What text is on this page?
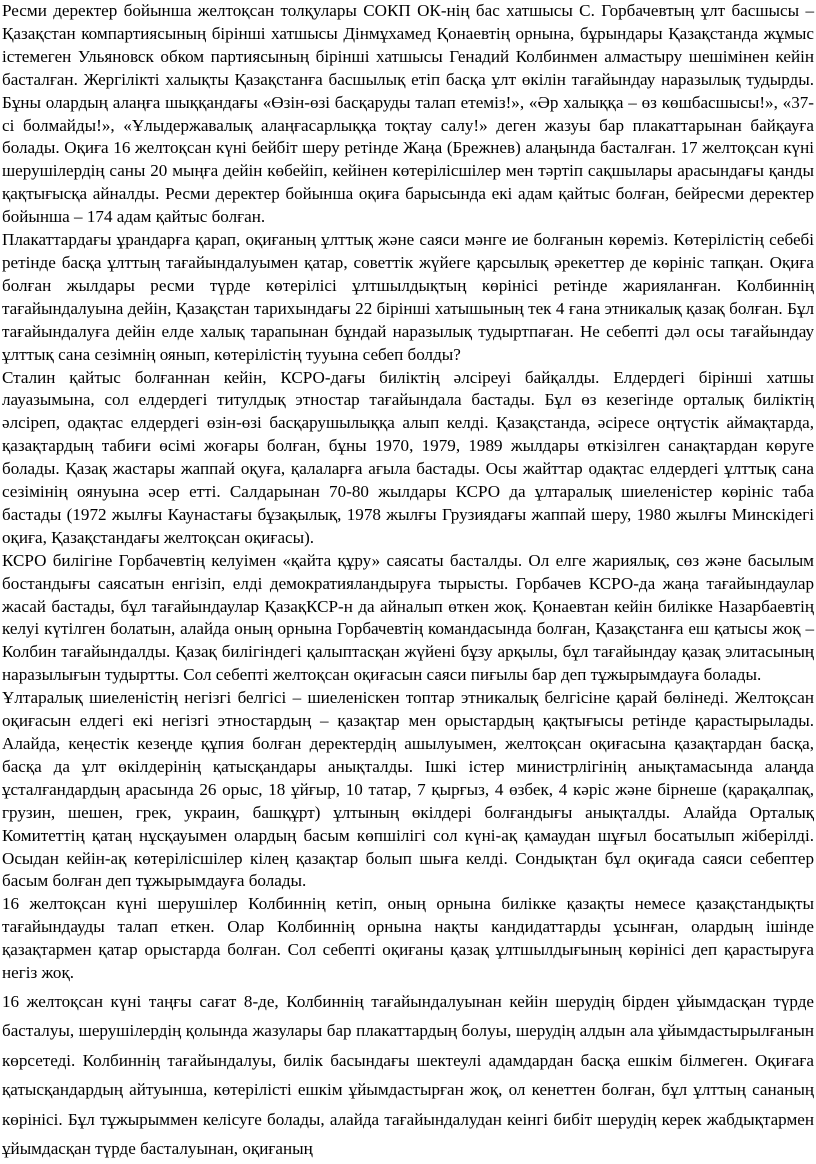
Ресми деректер бойынша желтоқсан толқулары СОКП ОК-нің бас хатшысы С. Горбачевтың ұлт басшысы – Қазақстан компартиясының бірінші хатшысы Дінмұхамед Қонаевтің орнына, бұрындары Қазақстанда жұмыс істемеген Ульяновск обком партиясының бірінші хатшысы Генадий Колбинмен алмастыру шешімінен кейін басталған. Жергілікті халықты Қазақстанға басшылық етіп басқа ұлт өкілін тағайындау наразылық тудырды. Бұны олардың алаңға шыққандағы «Өзін-өзі басқаруды талап етеміз!», «Әр халыққа – өз көшбасшысы!», «37-сі болмайды!», «Ұлыдержавалық алаңғасарлыққа тоқтау салу!» деген жазуы бар плакаттарынан байқауға болады. Оқиға 16 желтоқсан күні бейбіт шеру ретінде Жаңа (Брежнев) алаңында басталған. 17 желтоқсан күні шерушілердің саны 20 мыңға дейін көбейіп, кейінен көтерілісшілер мен тәртіп сақшылары арасындағы қанды қақтығысқа айналды. Ресми деректер бойынша оқиға барысында екі адам қайтыс болған, бейресми деректер бойынша – 174 адам қайтыс болған.

Плакаттардағы ұрандарға қарап, оқиғаның ұлттық және саяси мәнге ие болғанын көреміз. Көтерілістің себебі ретінде басқа ұлттың тағайындалуымен қатар, советтік жүйеге қарсылық әрекеттер де көрініс тапқан. Оқиға болған жылдары ресми түрде көтерілісі ұлтшылдықтың көрінісі ретінде жарияланған. Колбиннің тағайындалуына дейін, Қазақстан тарихындағы 22 бірінші хатышының тек 4 ғана этникалық қазақ болған. Бұл тағайындалуға дейін елде халық тарапынан бұндай наразылық тудыртпаған. Не себепті дәл осы тағайындау ұлттық сана сезімнің оянып, көтерілістің тууына себеп болды?

Сталин қайтыс болғаннан кейін, КСРО-дағы биліктің әлсіреуі байқалды. Елдердегі бірінші хатшы лауазымына, сол елдердегі титулдық этностар тағайындала бастады. Бұл өз кезегінде орталық биліктің әлсіреп, одақтас елдердегі өзін-өзі басқарушылыққа алып келді. Қазақстанда, әсіресе оңтүстік аймақтарда, қазақтардың табиғи өсімі жоғары болған, бұны 1970, 1979, 1989 жылдары өткізілген санақтардан көруге болады. Қазақ жастары жаппай оқуға, қалаларға ағыла бастады. Осы жайттар одақтас елдердегі ұлттық сана сезімінің оянуына әсер етті. Салдарынан 70-80 жылдары КСРО да ұлтаралық шиеленістер көрініс таба бастады (1972 жылғы Каунастағы бұзақылық, 1978 жылғы Грузиядағы жаппай шеру, 1980 жылғы Минскідегі оқиға, Қазақстандағы желтоқсан оқиғасы).

КСРО билігіне Горбачевтің келуімен «қайта құру» саясаты басталды. Ол елге жариялық, сөз және басылым бостандығы саясатын енгізіп, елді демократияландыруға тырысты. Горбачев КСРО-да жаңа тағайындаулар жасай бастады, бұл тағайындаулар ҚазақКСР-н да айналып өткен жоқ. Қонаевтан кейін билікке Назарбаевтің келуі күтілген болатын, алайда оның орнына Горбачевтің командасында болған, Қазақстанға еш қатысы жоқ – Колбин тағайындалды. Қазақ билігіндегі қалыптасқан жүйені бұзу арқылы, бұл тағайындау қазақ элитасының наразылығын тудыртты. Сол себепті желтоқсан оқиғасын саяси пиғылы бар деп тұжырымдауға болады.

Ұлтаралық шиеленістің негізгі белгісі – шиеленіскен топтар этникалық белгісіне қарай бөлінеді. Желтоқсан оқиғасын елдегі екі негізгі этностардың – қазақтар мен орыстардың қақтығысы ретінде қарастырылады. Алайда, кеңестік кезеңде құпия болған деректердің ашылуымен, желтоқсан оқиғасына қазақтардан басқа, басқа да ұлт өкілдерінің қатысқандары анықталды. Ішкі істер министрлігінің анықтамасында алаңда ұсталғандардың арасында 26 орыс, 18 ұйғыр, 10 татар, 7 қырғыз, 4 өзбек, 4 кәріс және бірнеше (қарақалпақ, грузин, шешен, грек, украин, башқұрт) ұлтының өкілдері болғандығы анықталды. Алайда Орталық Комитеттің қатаң нұсқауымен олардың басым көпшілігі сол күні-ақ қамаудан шұғыл босатылып жіберілді. Осыдан кейін-ақ көтерілісшілер кілең қазақтар болып шыға келді. Сондықтан бұл оқиғада саяси себептер басым болған деп тұжырымдауға болады.

16 желтоқсан күні шерушілер Колбиннің кетіп, оның орнына билікке қазақты немесе қазақстандықты тағайындауды талап еткен. Олар Колбиннің орнына нақты кандидаттарды ұсынған, олардың ішінде қазақтармен қатар орыстарда болған. Сол себепті оқиғаны қазақ ұлтшылдығының көрінісі деп қарастыруға негіз жоқ.

16 желтоқсан күні таңғы сағат 8-де, Колбиннің тағайындалуынан кейін шерудің бірден ұйымдасқан түрде басталуы, шерушілердің қолында жазулары бар плакаттардың болуы, шерудің алдын ала ұйымдастырылғанын көрсетеді. Колбиннің тағайындалуы, билік басындағы шектеулі адамдардан басқа ешкім білмеген. Оқиғаға қатысқандардың айтуынша, көтерілісті ешкім ұйымдастырған жоқ, ол кенеттен болған, бұл ұлттың сананың көрінісі. Бұл тұжырыммен келісуге болады, алайда тағайындалудан кеінгі бибіт шерудің керек жабдықтармен ұйымдасқан түрде басталуынан, оқиғаның
